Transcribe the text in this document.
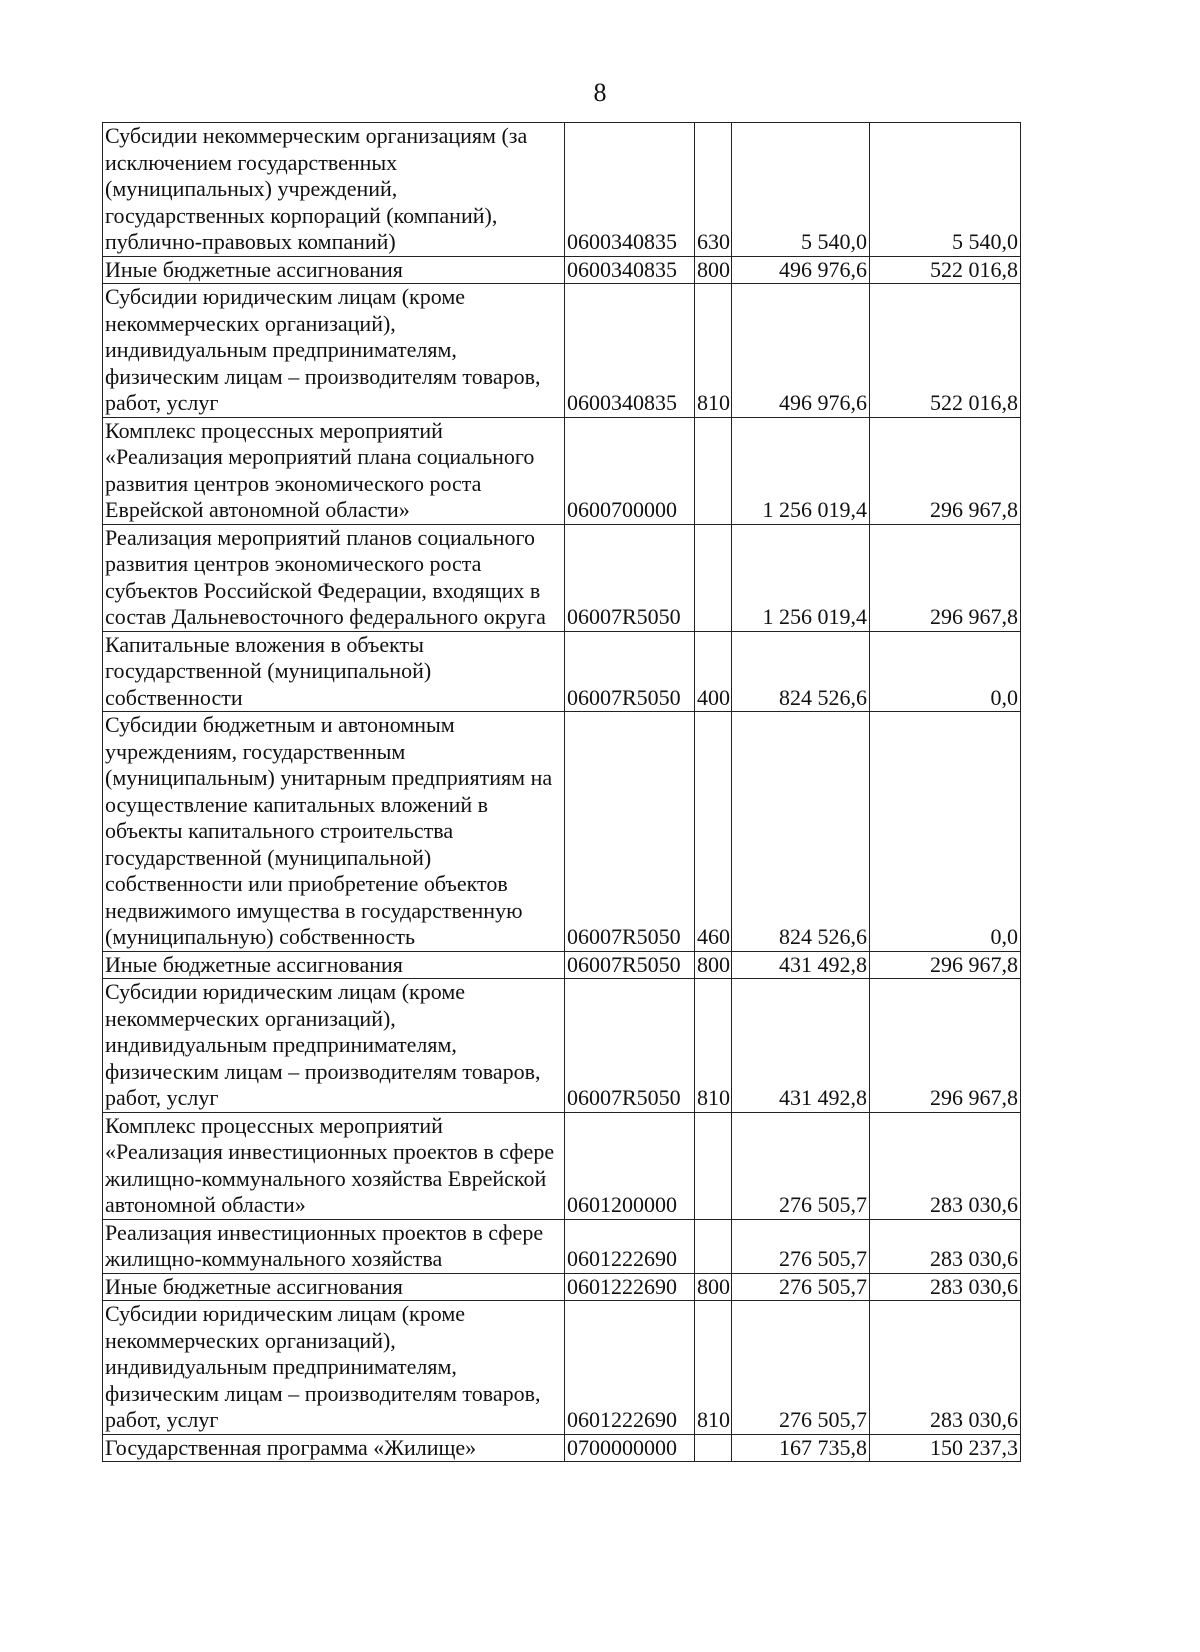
8
Субсидии некоммерческим организациям (за исключением государственных (муниципальных) учреждений, государственных корпораций (компаний), публично-правовых компаний)	0600340835	630	5 540,0	5 540,0
Иные бюджетные ассигнования	0600340835	800	496 976,6	522 016,8
Субсидии юридическим лицам (кроме некоммерческих организаций), индивидуальным предпринимателям, физическим лицам – производителям товаров, работ, услуг	0600340835	810	496 976,6	522 016,8
Комплекс процессных мероприятий «Реализация мероприятий плана социального развития центров экономического роста Еврейской автономной области»	0600700000		1 256 019,4	296 967,8
Реализация мероприятий планов социального развития центров экономического роста субъектов Российской Федерации, входящих в состав Дальневосточного федерального округа	06007R5050		1 256 019,4	296 967,8
Капитальные вложения в объекты государственной (муниципальной) собственности	06007R5050	400	824 526,6	0,0
Субсидии бюджетным и автономным учреждениям, государственным (муниципальным) унитарным предприятиям на осуществление капитальных вложений в объекты капитального строительства государственной (муниципальной) собственности или приобретение объектов недвижимого имущества в государственную (муниципальную) собственность	06007R5050	460	824 526,6	0,0
Иные бюджетные ассигнования	06007R5050	800	431 492,8	296 967,8
Субсидии юридическим лицам (кроме некоммерческих организаций), индивидуальным предпринимателям, физическим лицам – производителям товаров, работ, услуг	06007R5050	810	431 492,8	296 967,8
Комплекс процессных мероприятий «Реализация инвестиционных проектов в сфере жилищно-коммунального хозяйства Еврейской автономной области»	0601200000		276 505,7	283 030,6
Реализация инвестиционных проектов в сфере жилищно-коммунального хозяйства	0601222690		276 505,7	283 030,6
Иные бюджетные ассигнования	0601222690	800	276 505,7	283 030,6
Субсидии юридическим лицам (кроме некоммерческих организаций), индивидуальным предпринимателям, физическим лицам – производителям товаров, работ, услуг	0601222690	810	276 505,7	283 030,6
Государственная программа «Жилище»	0700000000		167 735,8	150 237,3
